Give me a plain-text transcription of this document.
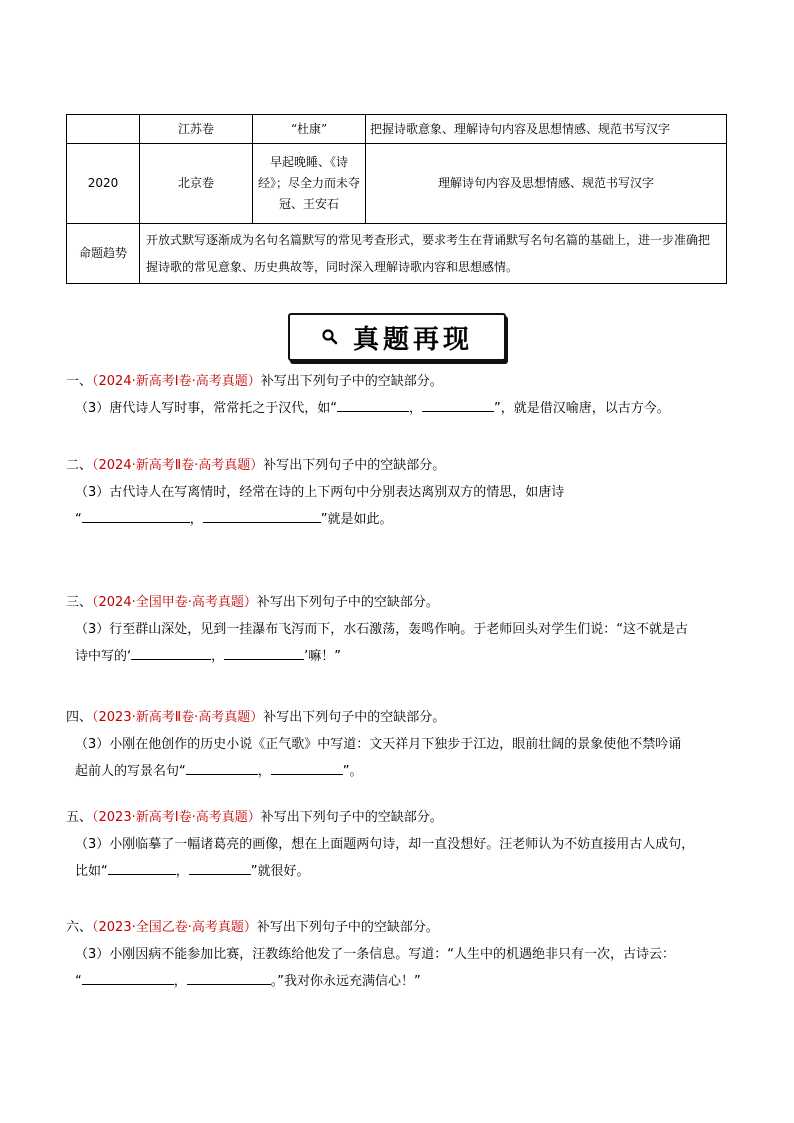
	江苏卷	“杜康”	把握诗歌意象、理解诗句内容及思想情感、规范书写汉字
2020	北京卷	早起晚睡、《诗经》；尽全力而未夺冠、王安石	理解诗句内容及思想情感、规范书写汉字
命题趋势	开放式默写逐渐成为名句名篇默写的常见考查形式，要求考生在背诵默写名句名篇的基础上，进一步准确把握诗歌的常见意象、历史典故等，同时深入理解诗歌内容和思想感情。		
真题再现

一、（2024·新高考Ⅰ卷·高考真题）补写出下列句子中的空缺部分。

（3）唐代诗人写时事，常常托之于汉代，如“	，	”，就是借汉喻唐，以古方今。

二、（2024·新高考Ⅱ卷·高考真题）补写出下列句子中的空缺部分。

（3）古代诗人在写离情时，经常在诗的上下两句中分别表达离别双方的情思，如唐诗

“	，	”就是如此。

三、（2024·全国甲卷·高考真题）补写出下列句子中的空缺部分。

（3）行至群山深处，见到一挂瀑布飞泻而下，水石激荡，轰鸣作响。于老师回头对学生们说：“这不就是古

诗中写的‘	，	’嘛！”

四、（2023·新高考Ⅱ卷·高考真题）补写出下列句子中的空缺部分。

（3）小刚在他创作的历史小说《正气歌》中写道：文天祥月下独步于江边，眼前壮阔的景象使他不禁吟诵

起前人的写景名句“	，	”。

五、（2023·新高考Ⅰ卷·高考真题）补写出下列句子中的空缺部分。

（3）小刚临摹了一幅诸葛亮的画像，想在上面题两句诗，却一直没想好。汪老师认为不妨直接用古人成句，

比如“	，	”就很好。

六、（2023·全国乙卷·高考真题）补写出下列句子中的空缺部分。

（3）小刚因病不能参加比赛，汪教练给他发了一条信息。写道：“人生中的机遇绝非只有一次，古诗云：

“	，	。”我对你永远充满信心！”
